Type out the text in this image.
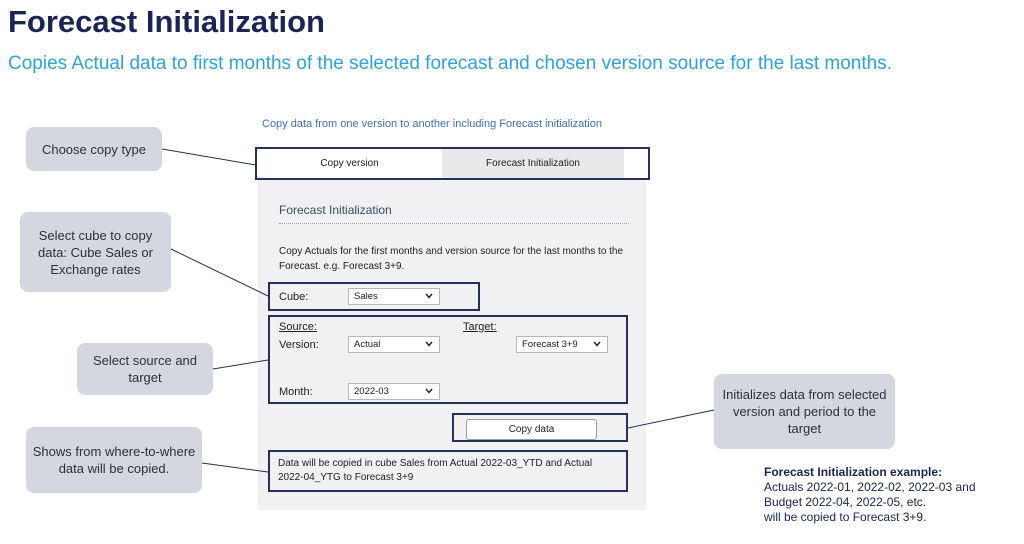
Forecast Initialization
Copies Actual data to first months of the selected forecast and chosen version source for the last months.
Copy data from one version to another including Forecast initialization
Copy version	Forecast Initialization
Forecast Initialization
Copy Actuals for the first months and version source for the last months to the Forecast. e.g. Forecast 3+9.
Cube:	Sales
Source:	Target:
Version:	Actual	Forecast 3+9
Month:	2022-03
Copy data
Data will be copied in cube Sales from Actual 2022-03_YTD and Actual 2022-04_YTG to Forecast 3+9
Choose copy type
Select cube to copy data: Cube Sales or Exchange rates
Select source and target
Shows from where-to-where data will be copied.
Initializes data from selected version and period to the target
Forecast Initialization example:
Actuals 2022-01, 2022-02, 2022-03 and
Budget 2022-04, 2022-05, etc.
will be copied to Forecast 3+9.
